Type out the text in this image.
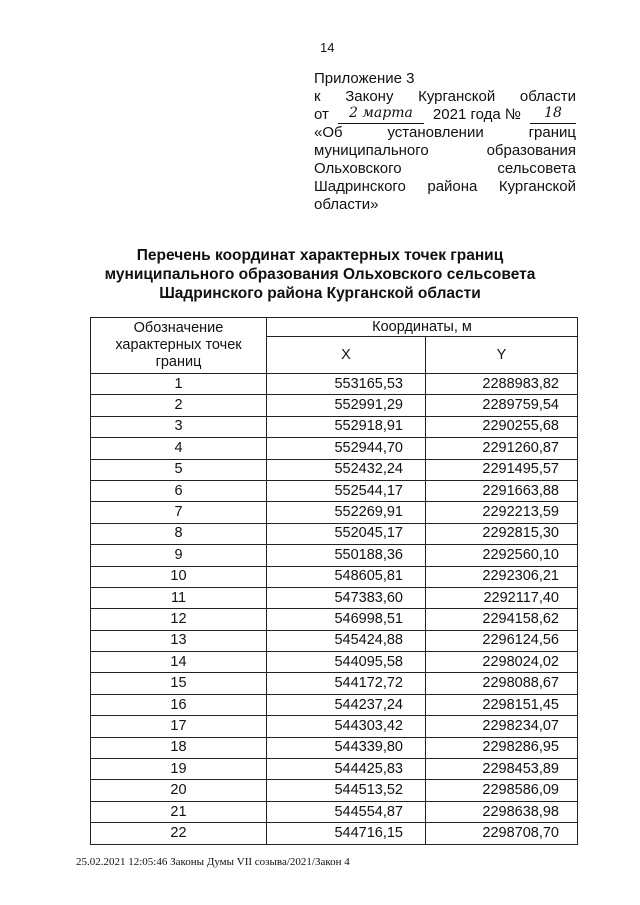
14
Приложение 3
к Закону Курганской области
от	2 марта	2021 года №	18
«Об	установлении	границ
муниципального	образования
Ольховского	сельсовета
Шадринского района Курганской
области»
Перечень координат характерных точек границ
муниципального образования Ольховского сельсовета
Шадринского района Курганской области
Обозначение характерных точек границ	Координаты, м	
	X	Y
1	553165,53	2288983,82
2	552991,29	2289759,54
3	552918,91	2290255,68
4	552944,70	2291260,87
5	552432,24	2291495,57
6	552544,17	2291663,88
7	552269,91	2292213,59
8	552045,17	2292815,30
9	550188,36	2292560,10
10	548605,81	2292306,21
11	547383,60	2292117,40
12	546998,51	2294158,62
13	545424,88	2296124,56
14	544095,58	2298024,02
15	544172,72	2298088,67
16	544237,24	2298151,45
17	544303,42	2298234,07
18	544339,80	2298286,95
19	544425,83	2298453,89
20	544513,52	2298586,09
21	544554,87	2298638,98
22	544716,15	2298708,70
25.02.2021 12:05:46 Законы Думы VII созыва/2021/Закон 4
